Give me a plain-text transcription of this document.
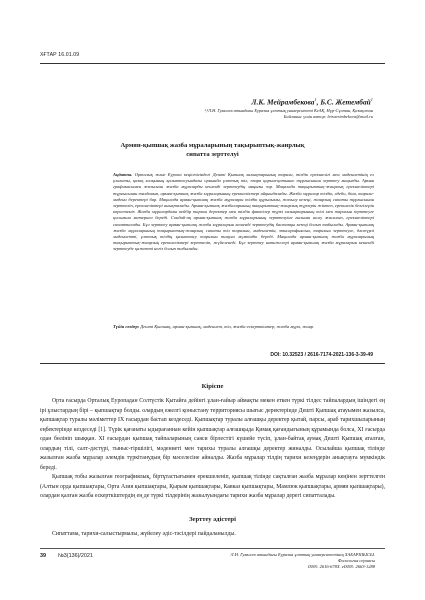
ХҒТАР 16.01.09
Л.К. Мейрамбекова$^1$, Б.С. Жетембай$^1$
¹,²Л.Н. Гумилев атындағы Еуразия ұлттық университеті КеАҚ, Нұр-Сұлтан, Қазақстан
Байланыс үшін автор: leiraerimbekova@mail.ru
Армян-қыпшақ жазба мұраларының тақырыптық-жанрлық
сипатта зерттелуі
Аңдатпа. Орталық және Еуропа кеңістігіндегі Дешті Қыпшақ халықтарының тарихи, тілдік ерекшелігі мен мәдениетінің ел ұлағаты, қазақ халқының қалыптасуындағы орнында ұлттық тіл, өзара қарым-қатынас тұрғысынан зерттеу маңызды. Армян графикасымен жазылған жазба мұраларды кешенді зерттеудің маңызы зор. Мақалада тақырыптық-жанрлық ерекшеліктері тұрғысынан талданып, армян-қыпшақ жазба мұраларының ерекшеліктері айқындалады. Жазба мұралар тілдік, әдеби, діни, тарихи-мәдени деректері бар. Мақалада армян-қыпшақ жазба мұралары тілдік құрылымы, жазылу кезеңі, жанрлық сипаты тұрғысынан зерттеліп, ерекшеліктері анықталады. Армян-қыпшақ жазбаларының тақырыптық-жанрлық түрлерін жіктеп, ерекшелік белгілерін көрсетеміз. Жазба мұралардағы кейбір тарихи деректер мен тілдік фактілер түркі халықтарының тілі мен тарихын зерттеуге қосымша материал береді. Сондай-ақ армян-қыпшақ жазба мұраларының зерттелуіне ғылыми шолу жасалып, ерекшеліктері сипатталады. Бұл зерттеу армян-қыпшақ жазба мұраларын кешенді зерттеудің бастапқы кезеңі болып табылады. Армян-қыпшақ жазба мұраларының тақырыптық-жанрлық сипаты тіл тарихын, мәдениетін, этнографиясын, тарихын зерттеуге, дәстүрлі мәдениетті, ұлттық тілдің қалыптасу тарихын тануға мүмкіндік береді. Мақалада армян-қыпшақ жазба мұраларының тақырыптық-жанрлық ерекшеліктері зерттеліп, жүйеленеді. Бұл зерттеу нәтижелері армян-қыпшақ жазба мұраларын кешенді зерттеуде қажетті негіз болып табылады.
Түйін сөздер: Дешті Қыпшақ, армян-қыпшақ, мәдениет, тіл, жазба ескерткіштер, жазба мұра, жанр.
DOI: 10.32523 / 2616-7174-2021-136-3-39-49
Кіріспе

Орта ғасырда Орталық Еуропадан Солтүстік Қытайға дейінгі ұлан-ғайыр аймақты мекен еткен түркі тілдес тайпалардың ішіндегі ең ірі ұлыстардың бірі – қыпшақтар болды. олардың ежелгі қоныстану территориясы шығыс деректерінде Дешті Қыпшақ атауымен жазылса, қыпшақтар туралы мәліметтер IX ғасырдан бастап кездеседі. Қыпшақтар туралы алғашқы деректер қытай, парсы, араб тарихшыларының еңбектерінде кездеседі [1]. Түрік қағанаты ыдырағаннан кейін қыпшақтар алғашқыда Қимақ қағандығының құрамында болса, XI ғасырда одан бөлініп шыққан. XI ғасырдан қыпшақ тайпаларының саяси бірлестігі күшейе түсіп, ұлан-байтақ аумақ Дешті Қыпшақ аталған, олардың тілі, салт-дәстүрі, тыныс-тіршілігі, мәдениеті мен тарихы туралы алғашқы деректер жиналды. Осылайша қыпшақ тілінде жазылған жазба мұралар әлемдік түркітанудың бір мәселесіне айналды. Жазба мұралар тілдің тарихи кезеңдерін анықтауға мүмкіндік береді.

Қыпшақ тобы жазылған географиялық, біртұтастығымен ерекшеленіп, қыпшақ тілінде сақталған жазба мұралар кеңінен зерттелген (Алтын орда қыпшақтары, Орта Азия қыпшақтары, Қырым қыпшақтары, Кавказ қыпшақтары, Мамлюк қыпшақтары, армян қыпшақтары), олардан қалған жазба ескерткіштердің ең де түркі тілдерінің жазылуындағы тарихи жазба мұралар дерегі сипатталады.

Зерттеу әдістері

Сипаттама, тарихи-салыстырмалы, жүйелеу әдіс-тәсілдері пайдаланылды.

39 №3(136)/2021	Л.Н. Гумилев атындағы Еуразия ұлттық университетінің ХАБАРШЫСЫ.
Филология сериясы
ISSN: 2616-678X. eISSN: 2663-1288
